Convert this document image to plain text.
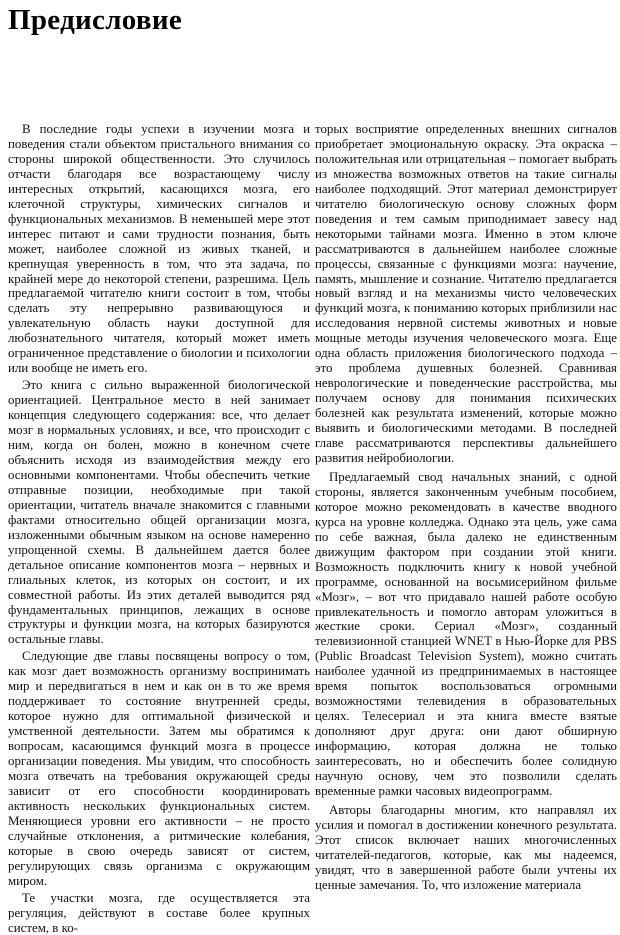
Предисловие

В последние годы успехи в изучении мозга и поведения стали объектом пристального внимания со стороны широкой общественности. Это случилось отчасти благодаря все возрастающему числу интересных открытий, касающихся мозга, его клеточной структуры, химических сигналов и функциональных механизмов. В неменьшей мере этот интерес питают и сами трудности познания, быть может, наиболее сложной из живых тканей, и крепнущая уверенность в том, что эта задача, по крайней мере до некоторой степени, разрешима. Цель предлагаемой читателю книги состоит в том, чтобы сделать эту непрерывно развивающуюся и увлекательную область науки доступной для любознательного читателя, который может иметь ограниченное представление о биологии и психологии или вообще не иметь его.

Это книга с сильно выраженной биологической ориентацией. Центральное место в ней занимает концепция следующего содержания: все, что делает мозг в нормальных условиях, и все, что происходит с ним, когда он болен, можно в конечном счете объяснить исходя из взаимодействия между его основными компонентами. Чтобы обеспечить четкие отправные позиции, необходимые при такой ориентации, читатель вначале знакомится с главными фактами относительно общей организации мозга, изложенными обычным языком на основе намеренно упрощенной схемы. В дальнейшем дается более детальное описание компонентов мозга – нервных и глиальных клеток, из которых он состоит, и их совместной работы. Из этих деталей выводится ряд фундаментальных принципов, лежащих в основе структуры и функции мозга, на которых базируются остальные главы.

Следующие две главы посвящены вопросу о том, как мозг дает возможность организму воспринимать мир и передвигаться в нем и как он в то же время поддерживает то состояние внутренней среды, которое нужно для оптимальной физической и умственной деятельности. Затем мы обратимся к вопросам, касающимся функций мозга в процессе организации поведения. Мы увидим, что способность мозга отвечать на требования окружающей среды зависит от его способности координировать активность нескольких функциональных систем. Меняющиеся уровни его активности – не просто случайные отклонения, а ритмические колебания, которые в свою очередь зависят от систем, регулирующих связь организма с окружающим миром.

Те участки мозга, где осуществляется эта регуляция, действуют в составе более крупных систем, в ко-

торых восприятие определенных внешних сигналов приобретает эмоциональную окраску. Эта окраска – положительная или отрицательная – помогает выбрать из множества возможных ответов на такие сигналы наиболее подходящий. Этот материал демонстрирует читателю биологическую основу сложных форм поведения и тем самым приподнимает завесу над некоторыми тайнами мозга. Именно в этом ключе рассматриваются в дальнейшем наиболее сложные процессы, связанные с функциями мозга: научение, память, мышление и сознание. Читателю предлагается новый взгляд и на механизмы чисто человеческих функций мозга, к пониманию которых приблизили нас исследования нервной системы животных и новые мощные методы изучения человеческого мозга. Еще одна область приложения биологического подхода – это проблема душевных болезней. Сравнивая неврологические и поведенческие расстройства, мы получаем основу для понимания психических болезней как результата изменений, которые можно выявить и биологическими методами. В последней главе рассматриваются перспективы дальнейшего развития нейробиологии.

Предлагаемый свод начальных знаний, с одной стороны, является законченным учебным пособием, которое можно рекомендовать в качестве вводного курса на уровне колледжа. Однако эта цель, уже сама по себе важная, была далеко не единственным движущим фактором при создании этой книги. Возможность подключить книгу к новой учебной программе, основанной на восьмисерийном фильме «Мозг», – вот что придавало нашей работе особую привлекательность и помогло авторам уложиться в жесткие сроки. Сериал «Мозг», созданный телевизионной станцией WNET в Нью-Йорке для PBS (Public Broadcast Television System), можно считать наиболее удачной из предпринимаемых в настоящее время попыток воспользоваться огромными возможностями телевидения в образовательных целях. Телесериал и эта книга вместе взятые дополняют друг друга: они дают обширную информацию, которая должна не только заинтересовать, но и обеспечить более солидную научную основу, чем это позволили сделать временные рамки часовых видеопрограмм.

Авторы благодарны многим, кто направлял их усилия и помогал в достижении конечного результата. Этот список включает наших многочисленных читателей-педагогов, которые, как мы надеемся, увидят, что в завершенной работе были учтены их ценные замечания. То, что изложение материала
